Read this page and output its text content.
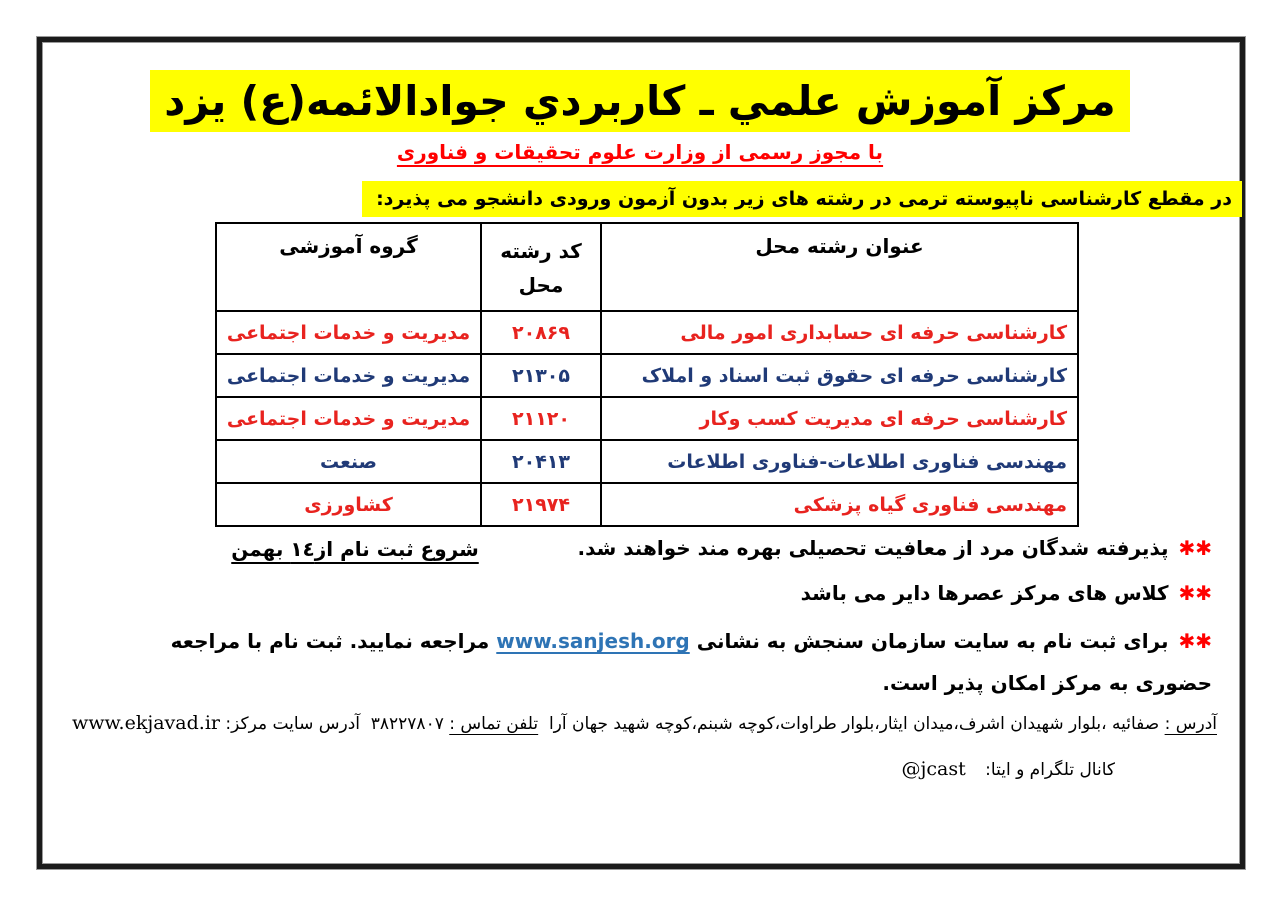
مركز آموزش علمي ـ كاربردي جوادالائمه(ع) يزد
با مجوز رسمی از وزارت علوم تحقیقات و فناوری
در مقطع کارشناسی ناپیوسته ترمی در رشته های زیر بدون آزمون ورودی دانشجو می پذیرد:
عنوان رشته محل	کد رشته محل	گروه آموزشی
کارشناسی حرفه ای حسابداری امور مالی	۲۰۸۶۹	مدیریت و خدمات اجتماعی
کارشناسی حرفه ای حقوق ثبت اسناد و املاک	۲۱۳۰۵	مدیریت و خدمات اجتماعی
کارشناسی حرفه ای مدیریت کسب وکار	۲۱۱۲۰	مدیریت و خدمات اجتماعی
مهندسی فناوری اطلاعات-فناوری اطلاعات	۲۰۴۱۳	صنعت
مهندسی فناوری گیاه پزشکی	۲۱۹۷۴	کشاورزی
شروع ثبت نام از١٤ بهمن	✱✱ پذیرفته شدگان مرد از معافیت تحصیلی بهره مند خواهند شد.
✱✱ کلاس های مرکز عصرها دایر می باشد
✱✱ برای ثبت نام به سایت سازمان سنجش به نشانی www.sanjesh.org مراجعه نمایید. ثبت نام با مراجعه حضوری به مرکز امکان پذیر است.
آدرس : صفائیه ،بلوار شهیدان اشرف،میدان ایثار،بلوار طراوات،کوچه شبنم،کوچه شهید جهان آرا
تلفن تماس : ۳۸۲۲۷۸۰۷
آدرس سایت مرکز: www.ekjavad.ir
کانال تلگرام و ایتا: @jcast
